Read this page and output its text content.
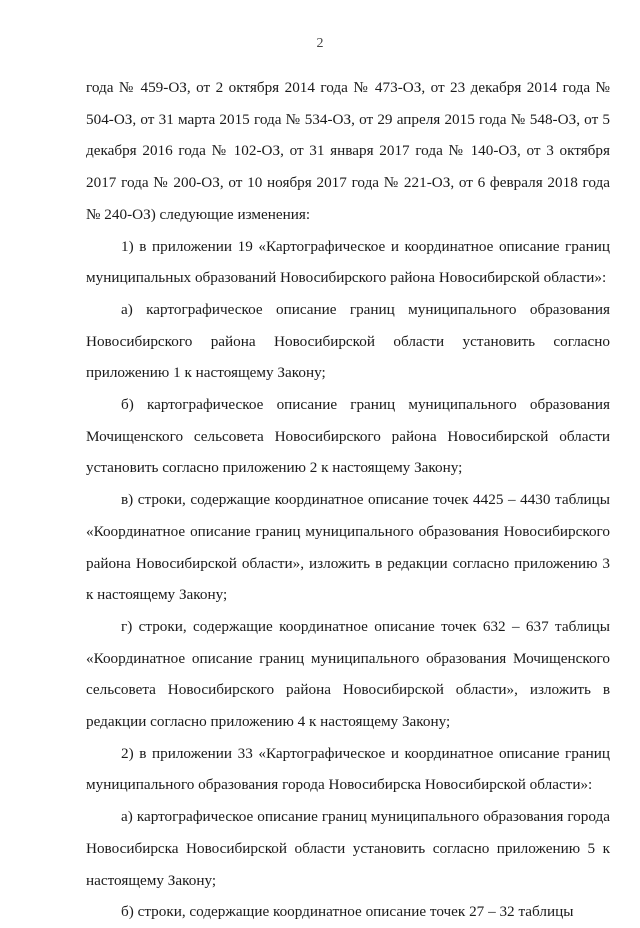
2

года № 459-ОЗ, от 2 октября 2014 года № 473-ОЗ, от 23 декабря 2014 года № 504-ОЗ, от 31 марта 2015 года № 534-ОЗ, от 29 апреля 2015 года № 548-ОЗ, от 5 декабря 2016 года № 102-ОЗ, от 31 января 2017 года № 140-ОЗ, от 3 октября 2017 года № 200-ОЗ, от 10 ноября 2017 года № 221-ОЗ, от 6 февраля 2018 года № 240-ОЗ) следующие изменения:

1) в приложении 19 «Картографическое и координатное описание границ муниципальных образований Новосибирского района Новосибирской области»:

а) картографическое описание границ муниципального образования Новосибирского района Новосибирской области установить согласно приложению 1 к настоящему Закону;

б) картографическое описание границ муниципального образования Мочищенского сельсовета Новосибирского района Новосибирской области установить согласно приложению 2 к настоящему Закону;

в) строки, содержащие координатное описание точек 4425 – 4430 таблицы «Координатное описание границ муниципального образования Новосибирского района Новосибирской области», изложить в редакции согласно приложению 3 к настоящему Закону;

г) строки, содержащие координатное описание точек 632 – 637 таблицы «Координатное описание границ муниципального образования Мочищенского сельсовета Новосибирского района Новосибирской области», изложить в редакции согласно приложению 4 к настоящему Закону;

2) в приложении 33 «Картографическое и координатное описание границ муниципального образования города Новосибирска Новосибирской области»:

а) картографическое описание границ муниципального образования города Новосибирска Новосибирской области установить согласно приложению 5 к настоящему Закону;

б) строки, содержащие координатное описание точек 27 – 32 таблицы
